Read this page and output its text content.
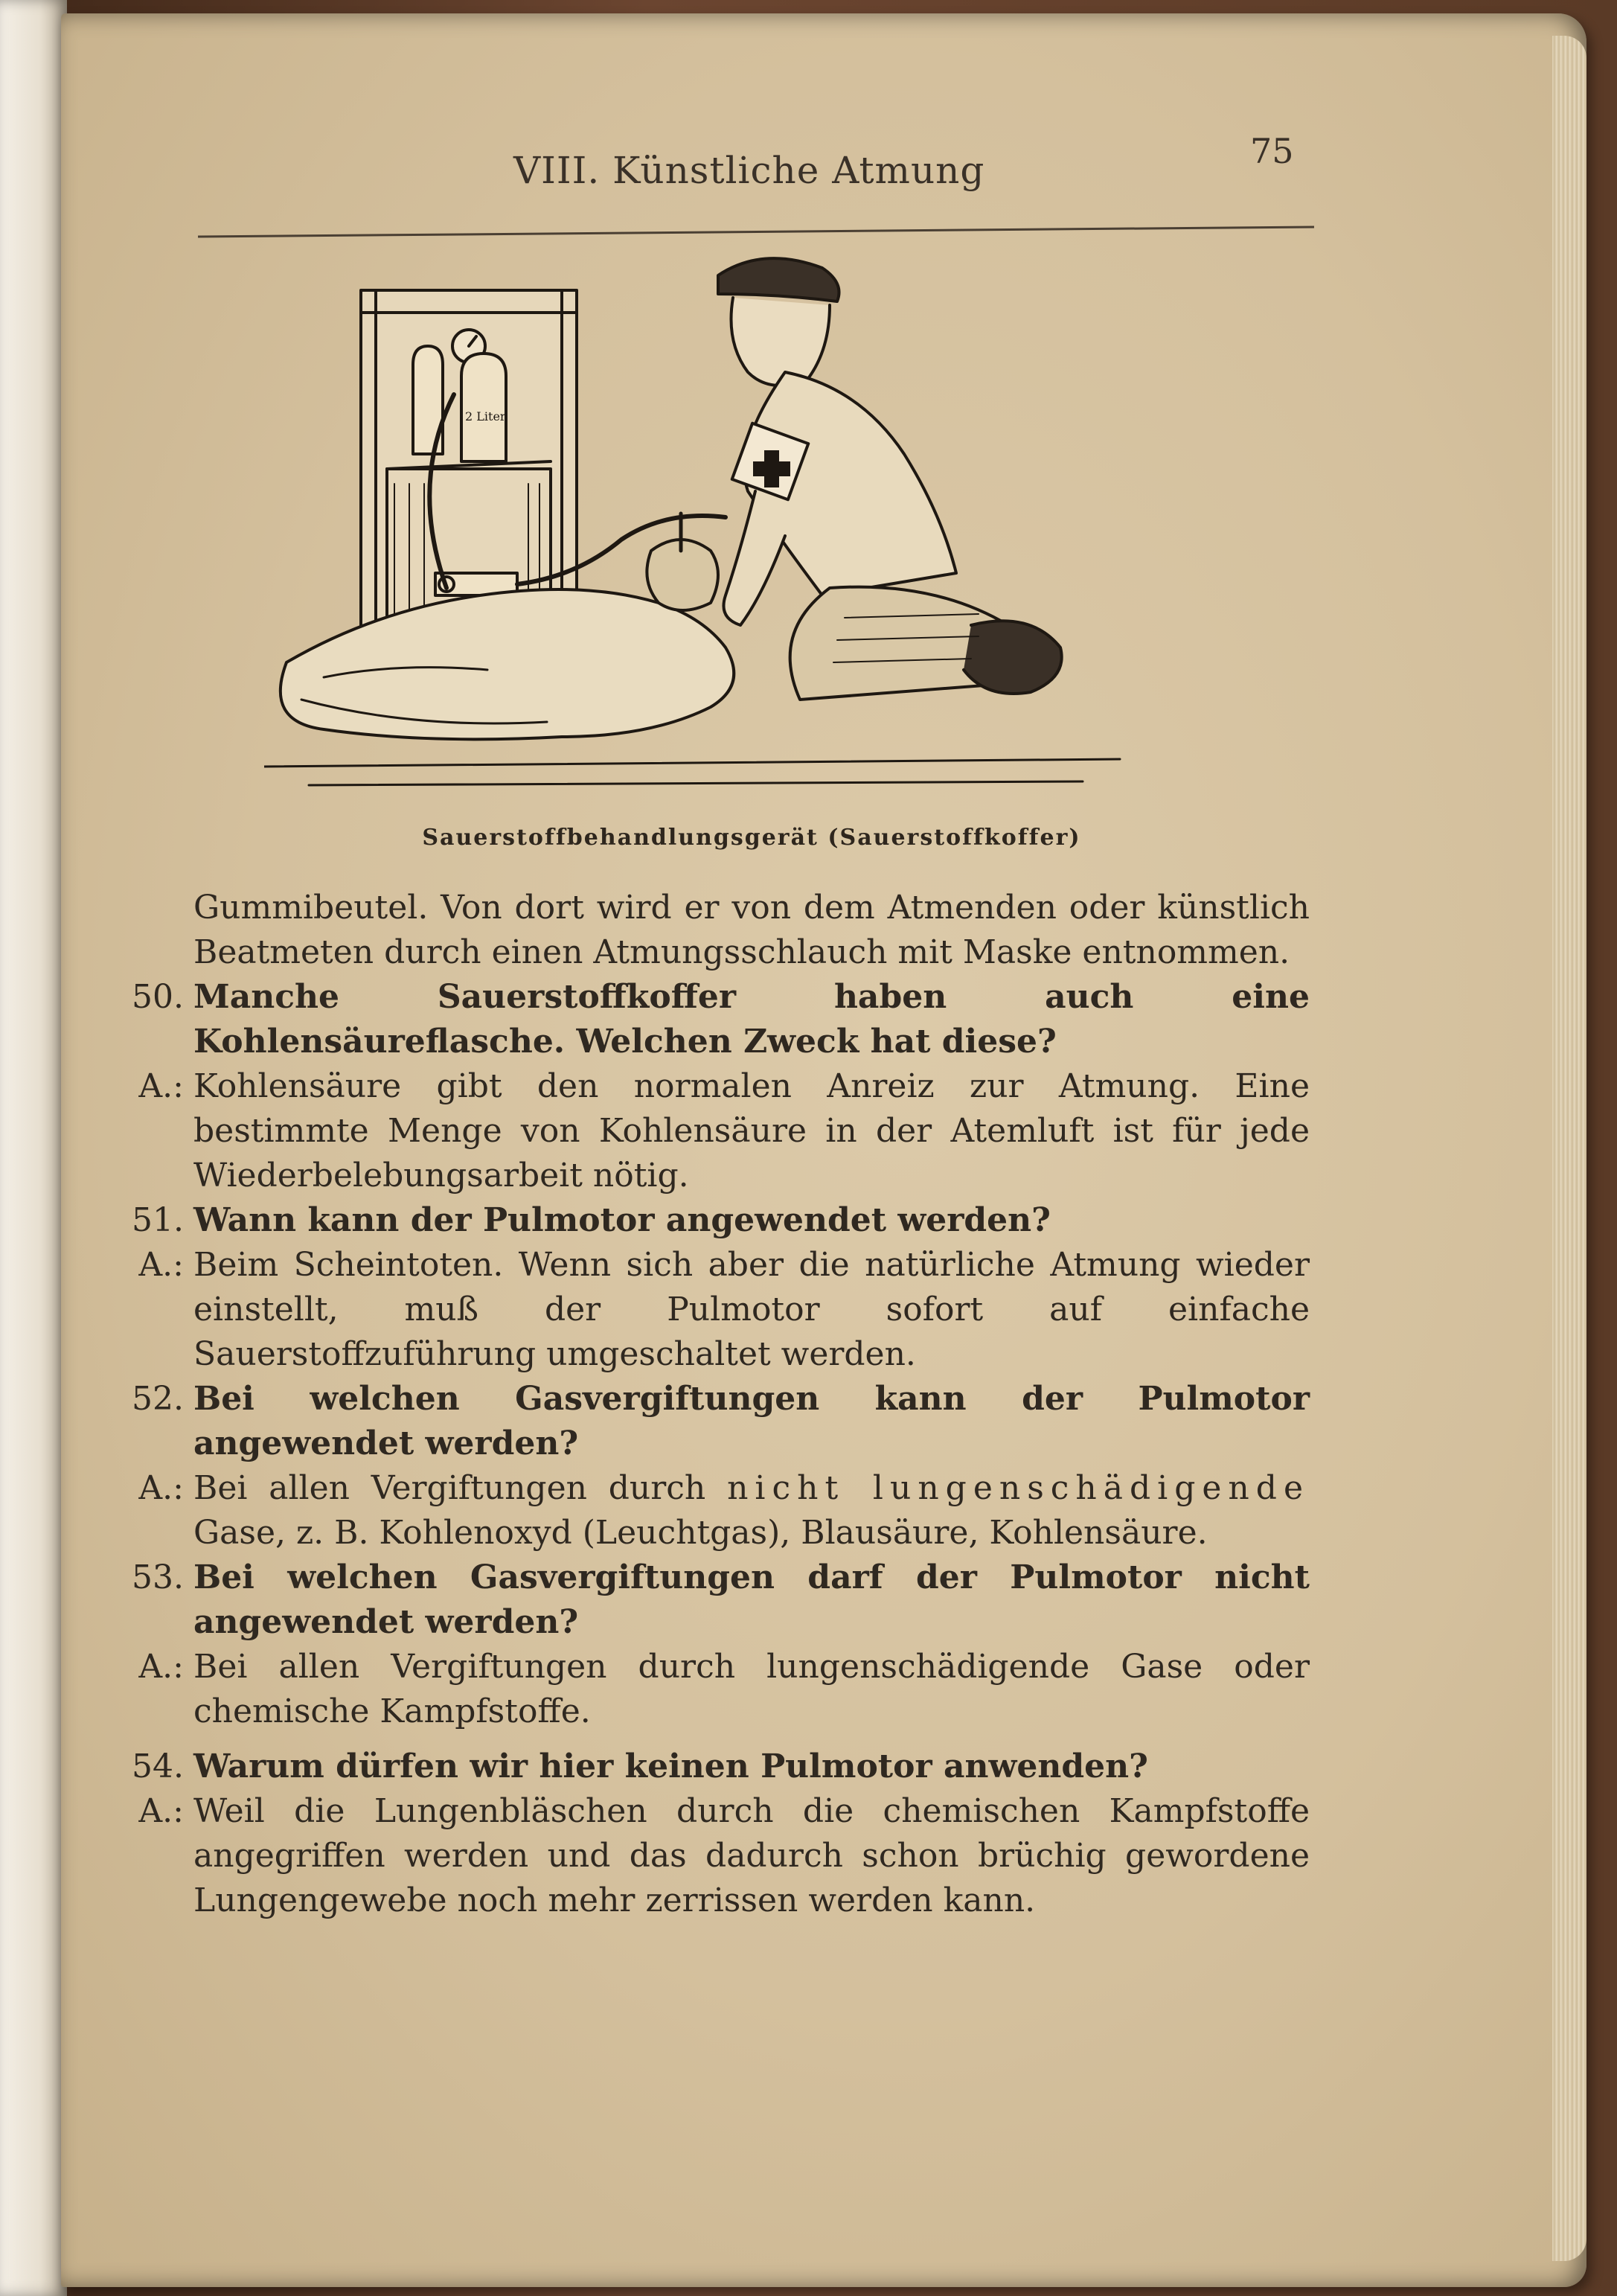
VIII. Künstliche Atmung	75
2 Liter
Sauerstoffbehandlungsgerät (Sauerstoffkoffer)

Gummibeutel. Von dort wird er von dem Atmenden oder künstlich Beatmeten durch einen Atmungsschlauch mit Maske entnommen.

50. Manche Sauerstoffkoffer haben auch eine Kohlensäureflasche. Welchen Zweck hat diese?
A.: Kohlensäure gibt den normalen Anreiz zur Atmung. Eine bestimmte Menge von Kohlensäure in der Atemluft ist für jede Wiederbelebungsarbeit nötig.
51. Wann kann der Pulmotor angewendet werden?
A.: Beim Scheintoten. Wenn sich aber die natürliche Atmung wieder einstellt, muß der Pulmotor sofort auf einfache Sauerstoffzuführung umgeschaltet werden.
52. Bei welchen Gasvergiftungen kann der Pulmotor angewendet werden?
A.: Bei allen Vergiftungen durch nicht lungenschädigende Gase, z. B. Kohlenoxyd (Leuchtgas), Blausäure, Kohlensäure.
53. Bei welchen Gasvergiftungen darf der Pulmotor nicht angewendet werden?
A.: Bei allen Vergiftungen durch lungenschädigende Gase oder chemische Kampfstoffe.
54. Warum dürfen wir hier keinen Pulmotor anwenden?
A.: Weil die Lungenbläschen durch die chemischen Kampfstoffe angegriffen werden und das dadurch schon brüchig gewordene Lungengewebe noch mehr zerrissen werden kann.
